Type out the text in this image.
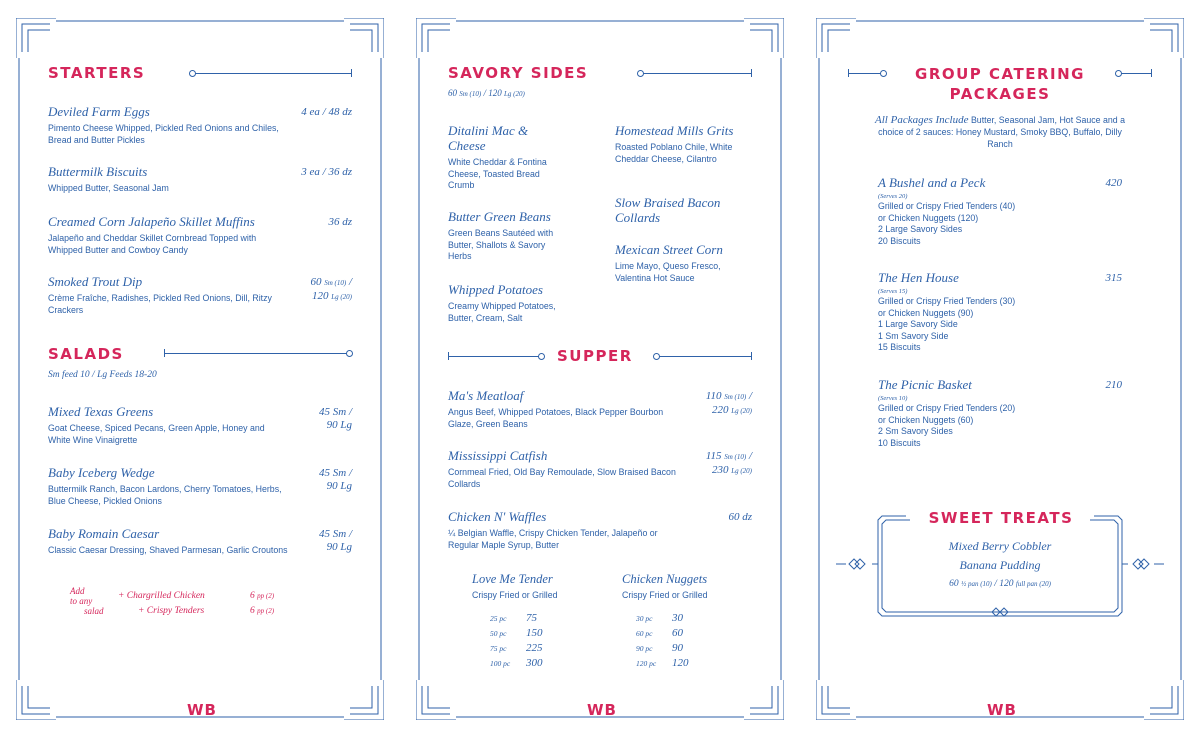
STARTERS
Deviled Farm Eggs
Pimento Cheese Whipped, Pickled Red Onions and Chiles, Bread and Butter Pickles
4 ea / 48 dz
Buttermilk Biscuits
Whipped Butter, Seasonal Jam
3 ea / 36 dz
Creamed Corn Jalapeño Skillet Muffins
Jalapeño and Cheddar Skillet Cornbread Topped with Whipped Butter and Cowboy Candy
36 dz
Smoked Trout Dip
Crème Fraîche, Radishes, Pickled Red Onions, Dill, Ritzy Crackers
60 Sm (10) /
120 Lg (20)
SALADS
Sm feed 10 / Lg Feeds 18-20
Mixed Texas Greens
Goat Cheese, Spiced Pecans, Green Apple, Honey and White Wine Vinaigrette
45 Sm /
90 Lg
Baby Iceberg Wedge
Buttermilk Ranch, Bacon Lardons, Cherry Tomatoes, Herbs, Blue Cheese, Pickled Onions
45 Sm /
90 Lg
Baby Romain Caesar
Classic Caesar Dressing, Shaved Parmesan, Garlic Croutons
45 Sm /
90 Lg
Add
to any
salad
+ Chargrilled Chicken
+ Crispy Tenders
6 pp (2)
6 pp (2)
WB
SAVORY SIDES
60 Sm (10) / 120 Lg (20)
Ditalini Mac & Cheese
White Cheddar & Fontina Cheese, Toasted Bread Crumb
Butter Green Beans
Green Beans Sautéed with Butter, Shallots & Savory Herbs
Whipped Potatoes
Creamy Whipped Potatoes, Butter, Cream, Salt
Homestead Mills Grits
Roasted Poblano Chile, White Cheddar Cheese, Cilantro
Slow Braised Bacon Collards
Mexican Street Corn
Lime Mayo, Queso Fresco, Valentina Hot Sauce
SUPPER
Ma's Meatloaf
Angus Beef, Whipped Potatoes, Black Pepper Bourbon Glaze, Green Beans
110 Sm (10) /
220 Lg (20)
Mississippi Catfish
Cornmeal Fried, Old Bay Remoulade, Slow Braised Bacon Collards
115 Sm (10) /
230 Lg (20)
Chicken N' Waffles
¼ Belgian Waffle, Crispy Chicken Tender, Jalapeño or Regular Maple Syrup, Butter
60 dz
Love Me Tender
Crispy Fried or Grilled
25 pc 75
50 pc 150
75 pc 225
100 pc 300
Chicken Nuggets
Crispy Fried or Grilled
30 pc 30
60 pc 60
90 pc 90
120 pc 120
WB
GROUP CATERING
PACKAGES
All Packages Include Butter, Seasonal Jam, Hot Sauce and a choice of 2 sauces: Honey Mustard, Smoky BBQ, Buffalo, Dilly Ranch
A Bushel and a Peck
(Serves 20)
Grilled or Crispy Fried Tenders (40)
or Chicken Nuggets (120)
2 Large Savory Sides
20 Biscuits
420
The Hen House
(Serves 15)
Grilled or Crispy Fried Tenders (30)
or Chicken Nuggets (90)
1 Large Savory Side
1 Sm Savory Side
15 Biscuits
315
The Picnic Basket
(Serves 10)
Grilled or Crispy Fried Tenders (20)
or Chicken Nuggets (60)
2 Sm Savory Sides
10 Biscuits
210
SWEET TREATS
Mixed Berry Cobbler
Banana Pudding
60 ½ pan (10) / 120 full pan (20)
WB
